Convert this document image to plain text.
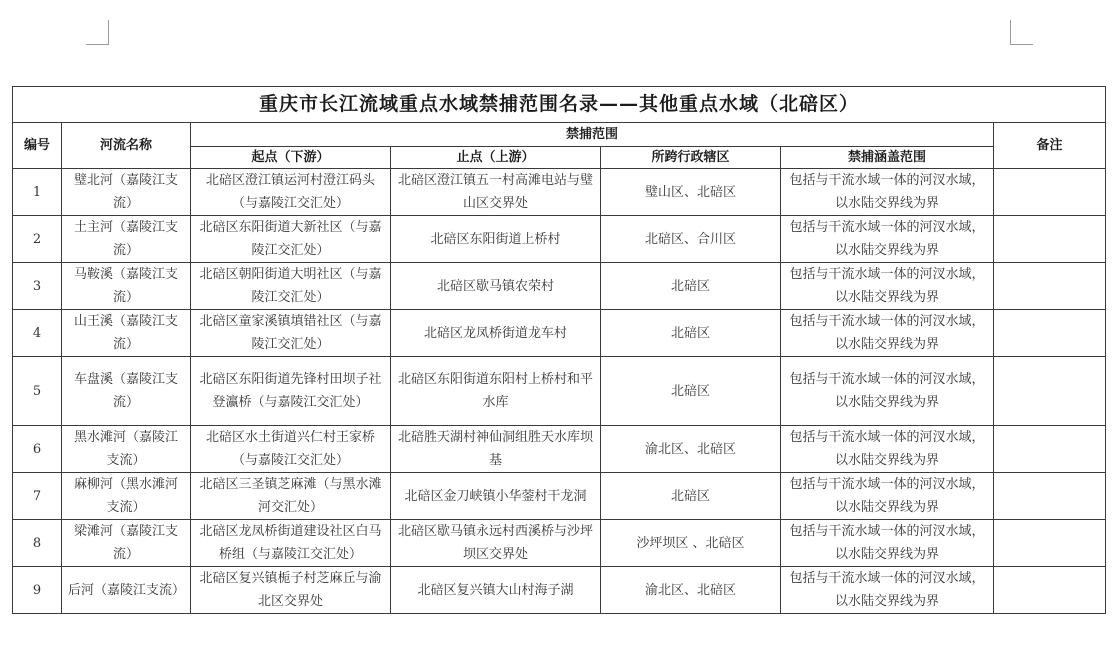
重庆市长江流域重点水域禁捕范围名录——其他重点水域（北碚区）						
编号	河流名称	禁捕范围				备注
		起点（下游）	止点（上游）	所跨行政辖区	禁捕涵盖范围	
1	璧北河（嘉陵江支流）	北碚区澄江镇运河村澄江码头（与嘉陵江交汇处）	北碚区澄江镇五一村高滩电站与璧山区交界处	璧山区、北碚区	包括与干流水域一体的河汊水域，以水陆交界线为界	
2	土主河（嘉陵江支流）	北碚区东阳街道大新社区（与嘉陵江交汇处）	北碚区东阳街道上桥村	北碚区、合川区	包括与干流水域一体的河汊水域，以水陆交界线为界	
3	马鞍溪（嘉陵江支流）	北碚区朝阳街道大明社区（与嘉陵江交汇处）	北碚区歇马镇农荣村	北碚区	包括与干流水域一体的河汊水域，以水陆交界线为界	
4	山王溪（嘉陵江支流）	北碚区童家溪镇填错社区（与嘉陵江交汇处）	北碚区龙凤桥街道龙车村	北碚区	包括与干流水域一体的河汊水域，以水陆交界线为界	
5	车盘溪（嘉陵江支流）	北碚区东阳街道先锋村田坝子社登瀛桥（与嘉陵江交汇处）	北碚区东阳街道东阳村上桥村和平水库	北碚区	包括与干流水域一体的河汊水域，以水陆交界线为界	
6	黑水滩河（嘉陵江支流）	北碚区水土街道兴仁村王家桥（与嘉陵江交汇处）	北碚胜天湖村神仙洞组胜天水库坝基	渝北区、北碚区	包括与干流水域一体的河汊水域，以水陆交界线为界	
7	麻柳河（黑水滩河支流）	北碚区三圣镇芝麻滩（与黑水滩河交汇处）	北碚区金刀峡镇小华蓥村干龙洞	北碚区	包括与干流水域一体的河汊水域，以水陆交界线为界	
8	梁滩河（嘉陵江支流）	北碚区龙凤桥街道建设社区白马桥组（与嘉陵江交汇处）	北碚区歇马镇永远村西溪桥与沙坪坝区交界处	沙坪坝区 、北碚区	包括与干流水域一体的河汊水域，以水陆交界线为界	
9	后河（嘉陵江支流）	北碚区复兴镇栀子村芝麻丘与渝北区交界处	北碚区复兴镇大山村海子湖	渝北区、北碚区	包括与干流水域一体的河汊水域，以水陆交界线为界	
